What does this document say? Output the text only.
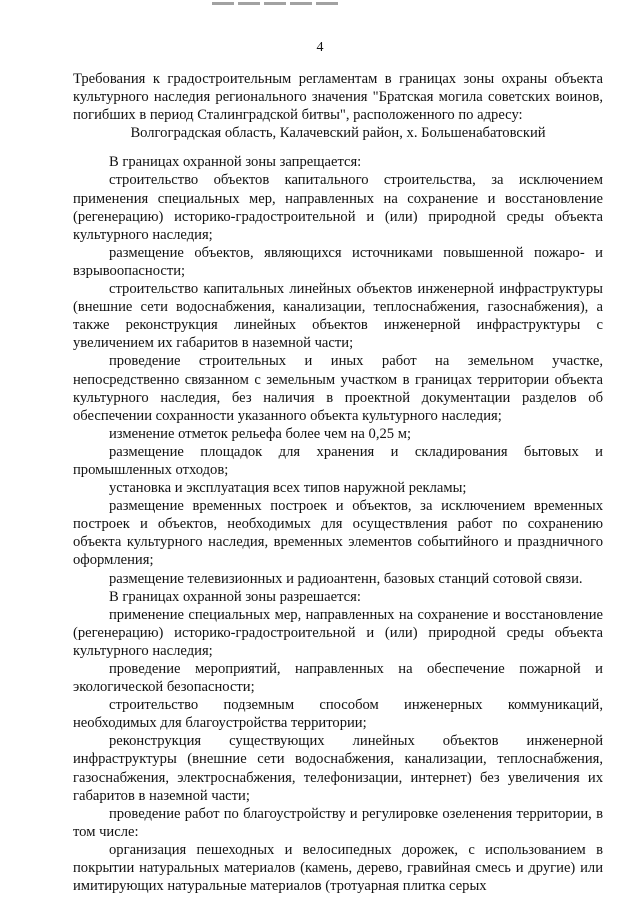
4

Требования к градостроительным регламентам в границах зоны охраны объекта культурного наследия регионального значения "Братская могила советских воинов, погибших в период Сталинградской битвы", расположенного по адресу:

Волгоградская область, Калачевский район, х. Большенабатовский

В границах охранной зоны запрещается:

строительство объектов капитального строительства, за исключением применения специальных мер, направленных на сохранение и восстановление (регенерацию) историко-градостроительной и (или) природной среды объекта культурного наследия;

размещение объектов, являющихся источниками повышенной пожаро- и взрывоопасности;

строительство капитальных линейных объектов инженерной инфраструктуры (внешние сети водоснабжения, канализации, теплоснабжения, газоснабжения), а также реконструкция линейных объектов инженерной инфраструктуры с увеличением их габаритов в наземной части;

проведение строительных и иных работ на земельном участке, непосредственно связанном с земельным участком в границах территории объекта культурного наследия, без наличия в проектной документации разделов об обеспечении сохранности указанного объекта культурного наследия;

изменение отметок рельефа более чем на 0,25 м;

размещение площадок для хранения и складирования бытовых и промышленных отходов;

установка и эксплуатация всех типов наружной рекламы;

размещение временных построек и объектов, за исключением временных построек и объектов, необходимых для осуществления работ по сохранению объекта культурного наследия, временных элементов событийного и праздничного оформления;

размещение телевизионных и радиоантенн, базовых станций сотовой связи.

В границах охранной зоны разрешается:

применение специальных мер, направленных на сохранение и восстановление (регенерацию) историко-градостроительной и (или) природной среды объекта культурного наследия;

проведение мероприятий, направленных на обеспечение пожарной и экологической безопасности;

строительство подземным способом инженерных коммуникаций, необходимых для благоустройства территории;

реконструкция существующих линейных объектов инженерной инфраструктуры (внешние сети водоснабжения, канализации, теплоснабжения, газоснабжения, электроснабжения, телефонизации, интернет) без увеличения их габаритов в наземной части;

проведение работ по благоустройству и регулировке озеленения территории, в том числе:

организация пешеходных и велосипедных дорожек, с использованием в покрытии натуральных материалов (камень, дерево, гравийная смесь и другие) или имитирующих натуральные материалов (тротуарная плитка серых
